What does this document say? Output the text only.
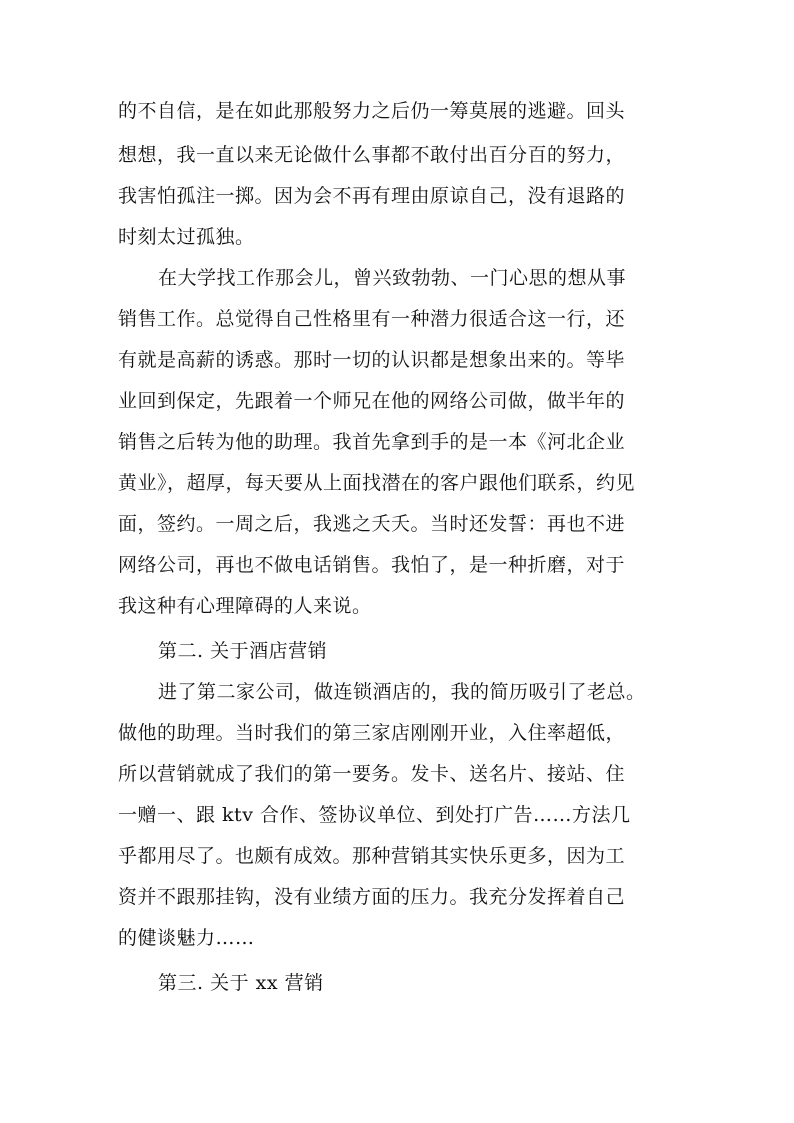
的不自信，是在如此那般努力之后仍一筹莫展的逃避。回头
想想，我一直以来无论做什么事都不敢付出百分百的努力，
我害怕孤注一掷。因为会不再有理由原谅自己，没有退路的
时刻太过孤独。
在大学找工作那会儿，曾兴致勃勃、一门心思的想从事
销售工作。总觉得自己性格里有一种潜力很适合这一行，还
有就是高薪的诱惑。那时一切的认识都是想象出来的。等毕
业回到保定，先跟着一个师兄在他的网络公司做，做半年的
销售之后转为他的助理。我首先拿到手的是一本《河北企业
黄业》，超厚，每天要从上面找潜在的客户跟他们联系，约见
面，签约。一周之后，我逃之夭夭。当时还发誓：再也不进
网络公司，再也不做电话销售。我怕了，是一种折磨，对于
我这种有心理障碍的人来说。
第二. 关于酒店营销
进了第二家公司，做连锁酒店的，我的简历吸引了老总。
做他的助理。当时我们的第三家店刚刚开业，入住率超低，
所以营销就成了我们的第一要务。发卡、送名片、接站、住
一赠一、跟 ktv 合作、签协议单位、到处打广告……方法几
乎都用尽了。也颇有成效。那种营销其实快乐更多，因为工
资并不跟那挂钩，没有业绩方面的压力。我充分发挥着自己
的健谈魅力……
第三. 关于 xx 营销
